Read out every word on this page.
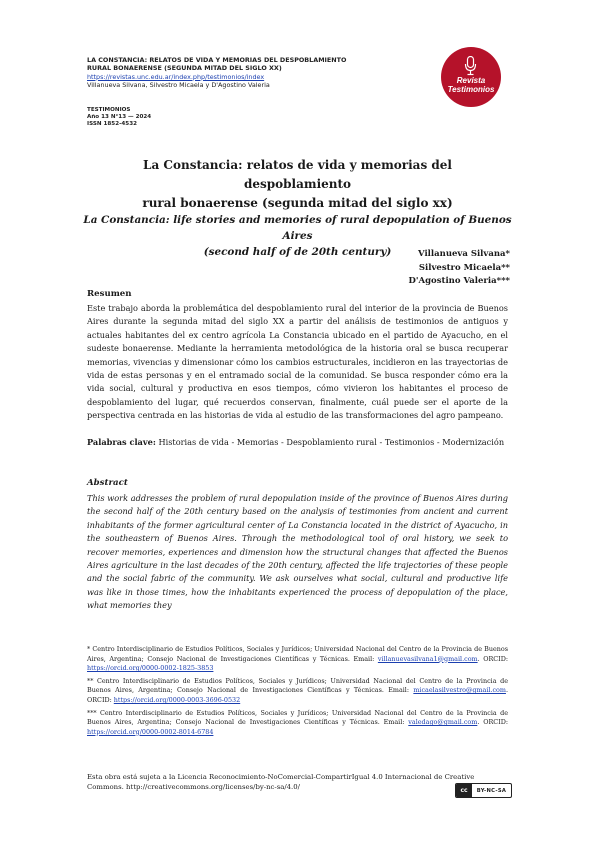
LA CONSTANCIA: RELATOS DE VIDA Y MEMORIAS DEL DESPOBLAMIENTO
RURAL BONAERENSE (SEGUNDA MITAD DEL SIGLO XX)
https://revistas.unc.edu.ar/index.php/testimonios/index
Villanueva Silvana, Silvestro Micaela y D'Agostino Valeria
TESTIMONIOS
Año 13 N°13 — 2024
ISSN 1852-4532
Revista
Testimonios
La Constancia: relatos de vida y memorias del despoblamiento
rural bonaerense (segunda mitad del siglo xx)
La Constancia: life stories and memories of rural depopulation of Buenos Aires
(second half of de 20th century)	Villanueva Silvana*
Silvestro Micaela**
D'Agostino Valeria***
Resumen
Este trabajo aborda la problemática del despoblamiento rural del interior de la provincia de Buenos Aires durante la segunda mitad del siglo XX a partir del análisis de testimonios de antiguos y actuales habitantes del ex centro agrícola La Constancia ubicado en el partido de Ayacucho, en el sudeste bonaerense. Mediante la herramienta metodológica de la historia oral se busca recuperar memorias, vivencias y dimensionar cómo los cambios estructurales, incidieron en las trayectorias de vida de estas personas y en el entramado social de la comunidad. Se busca responder cómo era la vida social, cultural y productiva en esos tiempos, cómo vivieron los habitantes el proceso de despoblamiento del lugar, qué recuerdos conservan, finalmente, cuál puede ser el aporte de la perspectiva centrada en las historias de vida al estudio de las transformaciones del agro pampeano.
Palabras clave: Historias de vida - Memorias - Despoblamiento rural - Testimonios - Modernización
Abstract
This work addresses the problem of rural depopulation inside of the province of Buenos Aires during the second half of the 20th century based on the analysis of testimonies from ancient and current inhabitants of the former agricultural center of La Constancia located in the district of Ayacucho, in the southeastern of Buenos Aires. Through the methodological tool of oral history, we seek to recover memories, experiences and dimension how the structural changes that affected the Buenos Aires agriculture in the last decades of the 20th century, affected the life trajectories of these people and the social fabric of the community. We ask ourselves what social, cultural and productive life was like in those times, how the inhabitants experienced the process of depopulation of the place, what memories they
* Centro Interdisciplinario de Estudios Políticos, Sociales y Jurídicos; Universidad Nacional del Centro de la Provincia de Buenos Aires, Argentina; Consejo Nacional de Investigaciones Científicas y Técnicas. Email: villanuevasilvana1@gmail.com. ORCID: https://orcid.org/0000-0002-1825-3853
** Centro Interdisciplinario de Estudios Políticos, Sociales y Jurídicos; Universidad Nacional del Centro de la Provincia de Buenos Aires, Argentina; Consejo Nacional de Investigaciones Científicas y Técnicas. Email: micaelasilvestro@gmail.com. ORCID: https://orcid.org/0000-0003-3696-0532
*** Centro Interdisciplinario de Estudios Políticos, Sociales y Jurídicos; Universidad Nacional del Centro de la Provincia de Buenos Aires, Argentina; Consejo Nacional de Investigaciones Científicas y Técnicas. Email: valedago@gmail.com. ORCID: https://orcid.org/0000-0002-8014-6784
Esta obra está sujeta a la Licencia Reconocimiento-NoComercial-CompartirIgual 4.0 Internacional de Creative Commons. http://creativecommons.org/licenses/by-nc-sa/4.0/	cc	BY-NC-SA
